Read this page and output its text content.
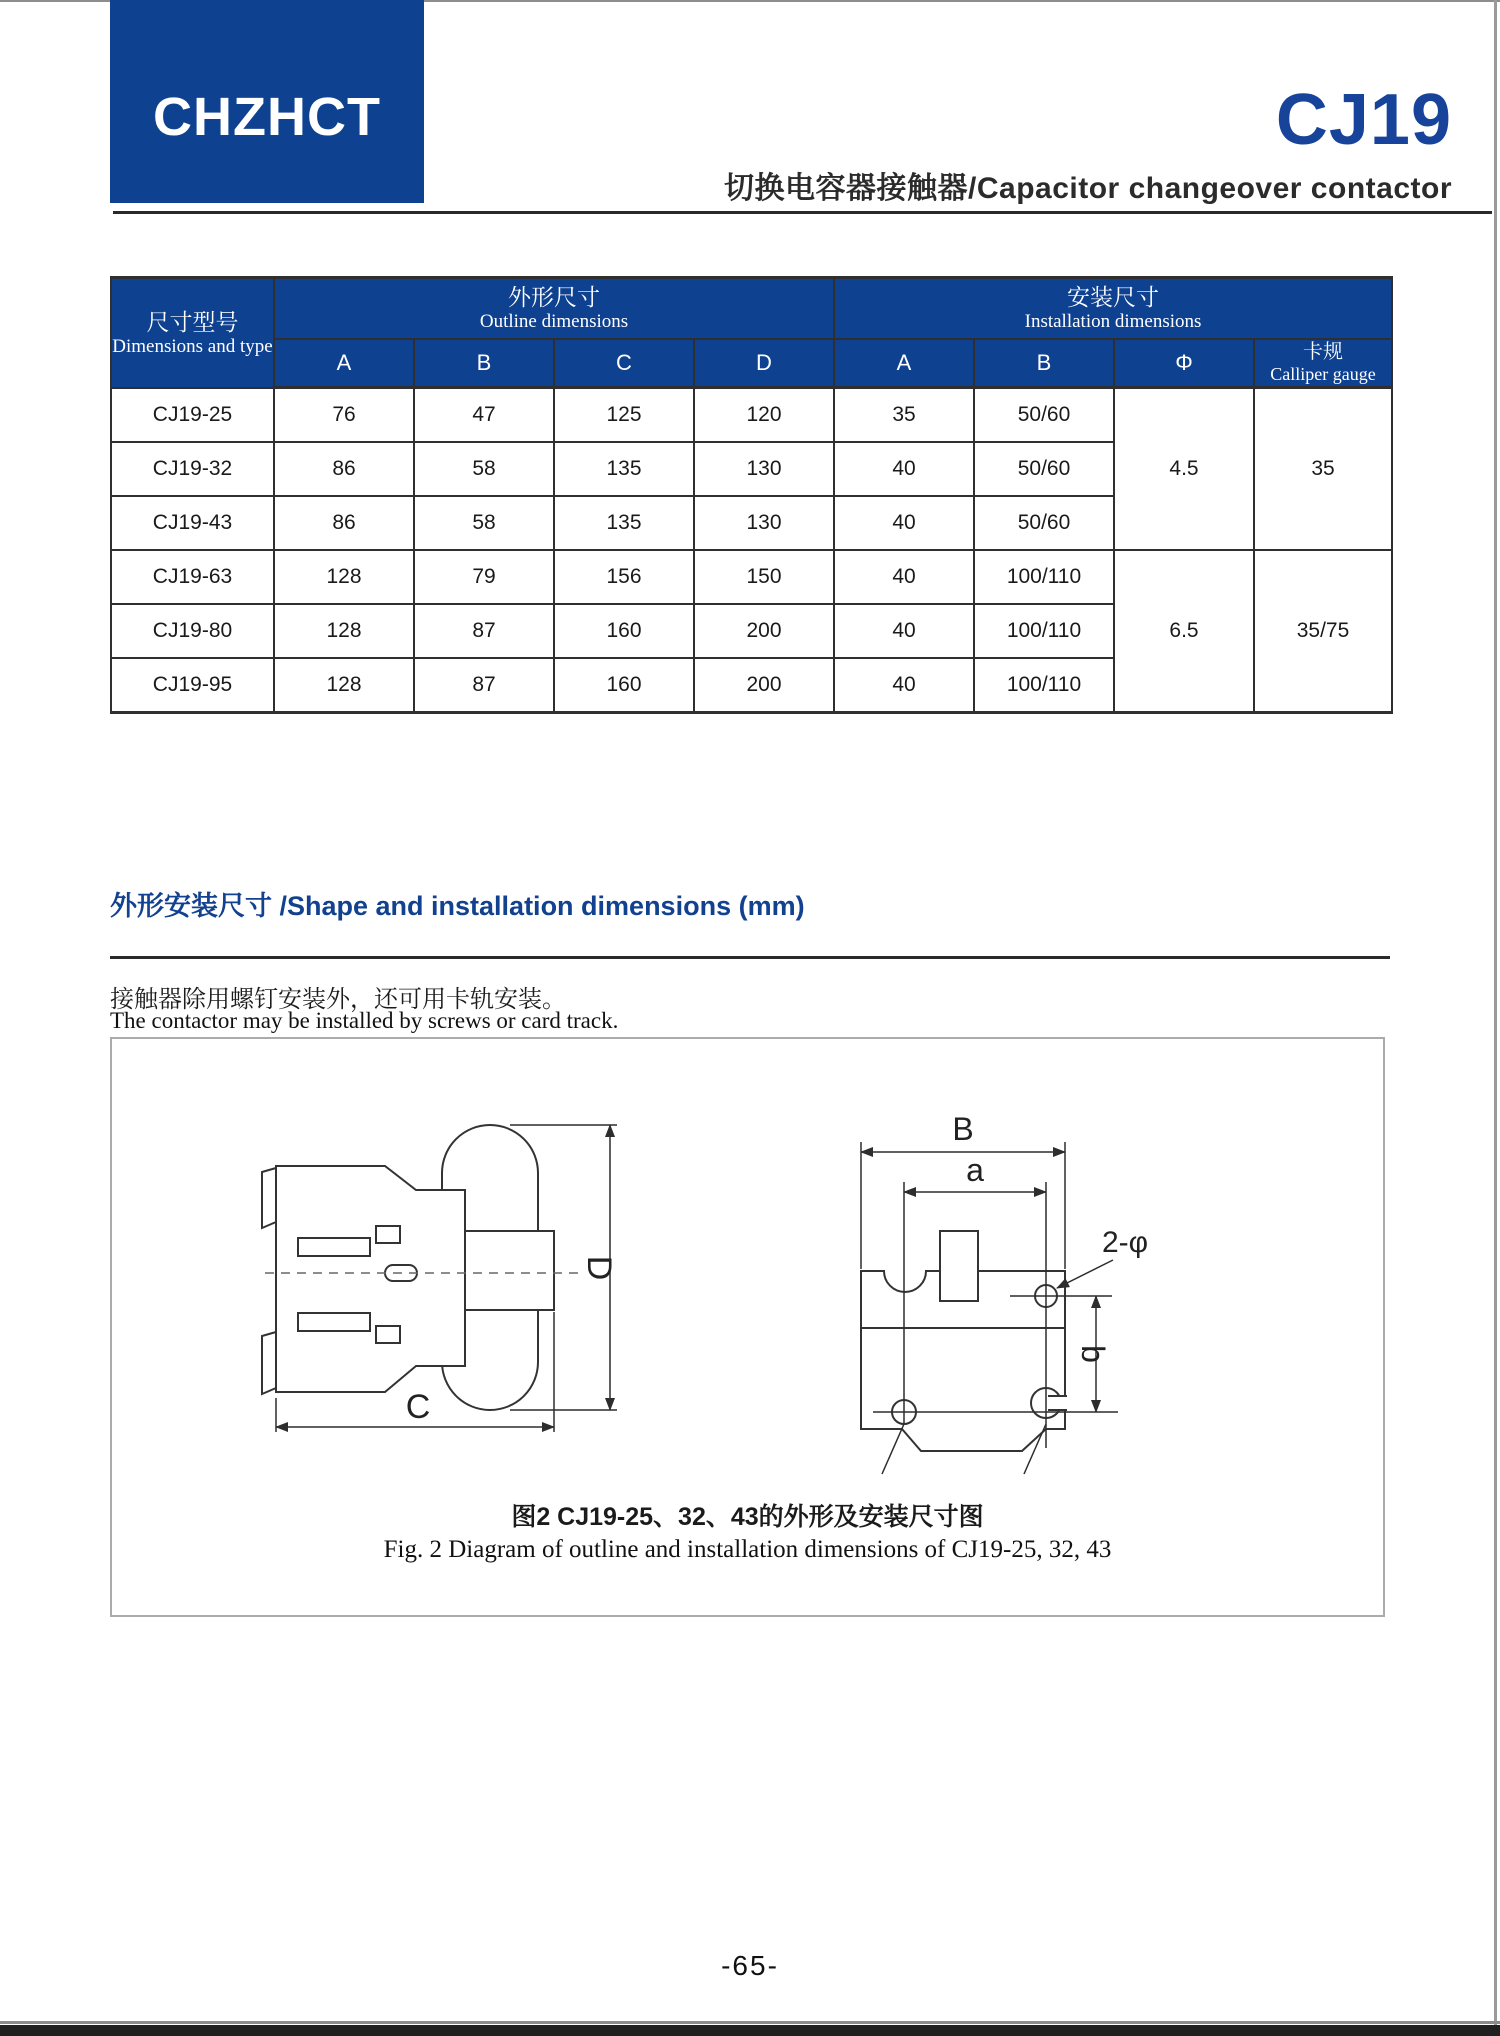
CHZHCT	CJ19
切换电容器接触器/Capacitor changeover contactor
尺寸型号
Dimensions and type	外形尺寸
Outline dimensions				安装尺寸
Installation dimensions			

	A	B	C	D	A	B	Φ	卡规
Calliper gauge

CJ19-25	76	47	125	120	35	50/60	4.5	35
CJ19-32	86	58	135	130	40	50/60		
CJ19-43	86	58	135	130	40	50/60		
CJ19-63	128	79	156	150	40	100/110	6.5	35/75
CJ19-80	128	87	160	200	40	100/110		
CJ19-95	128	87	160	200	40	100/110		
外形安装尺寸 /Shape and installation dimensions (mm)
接触器除用螺钉安装外，还可用卡轨安装。
The contactor may be installed by screws or card track.
D
C
B
a
b
2-φ
图2 CJ19-25、32、43的外形及安装尺寸图
Fig. 2 Diagram of outline and installation dimensions of CJ19-25, 32, 43
-65-
